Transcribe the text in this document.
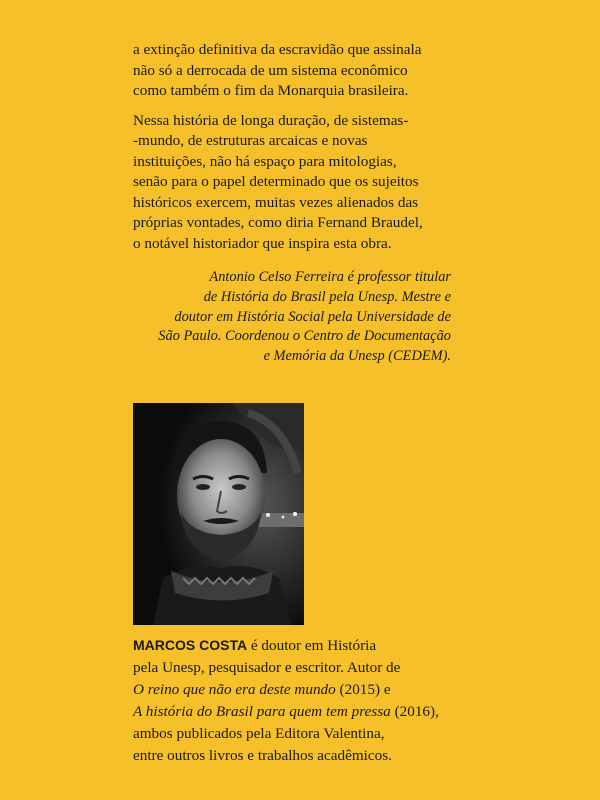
a extinção definitiva da escravidão que assinala
não só a derrocada de um sistema econômico
como também o fim da Monarquia brasileira.

Nessa história de longa duração, de sistemas-
-mundo, de estruturas arcaicas e novas
instituições, não há espaço para mitologias,
senão para o papel determinado que os sujeitos
históricos exercem, muitas vezes alienados das
próprias vontades, como diria Fernand Braudel,
o notável historiador que inspira esta obra.

Antonio Celso Ferreira é professor titular
de História do Brasil pela Unesp. Mestre e
doutor em História Social pela Universidade de
São Paulo. Coordenou o Centro de Documentação
e Memória da Unesp (CEDEM).
MARCOS COSTA é doutor em História
pela Unesp, pesquisador e escritor. Autor de
O reino que não era deste mundo (2015) e
A história do Brasil para quem tem pressa (2016),
ambos publicados pela Editora Valentina,
entre outros livros e trabalhos acadêmicos.
